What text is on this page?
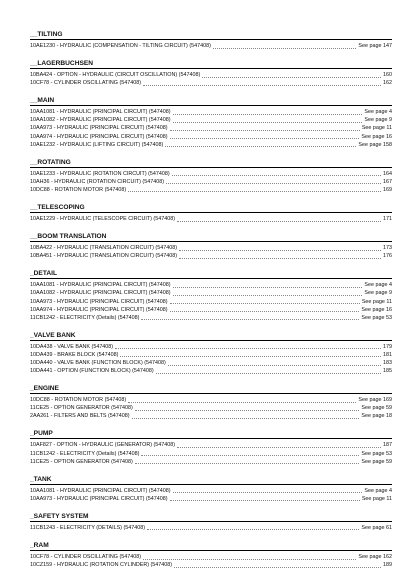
__TILTING
10AE1230 - HYDRAULIC (COMPENSATION - TILTING CIRCUIT) (547408)	See page 147
__LAGERBUCHSEN
10BA424 - OPTION - HYDRAULIC (CIRCUIT OSCILLATION) (547408)	160
10CF78 - CYLINDER OSCILLATING (547408)	162
__MAIN
10AA1081 - HYDRAULIC (PRINCIPAL CIRCUIT) (547408)	See page 4
10AA1082 - HYDRAULIC (PRINCIPAL CIRCUIT) (547408)	See page 9
10AA973 - HYDRAULIC (PRINCIPAL CIRCUIT) (547408)	See page 11
10AA974 - HYDRAULIC (PRINCIPAL CIRCUIT) (547408)	See page 16
10AE1232 - HYDRAULIC (LIFTING CIRCUIT) (547408)	See page 158
__ROTATING
10AE1233 - HYDRAULIC (ROTATION CIRCUIT) (547408)	164
10AH36 - HYDRAULIC (ROTATION CIRCUIT) (547408)	167
10DC88 - ROTATION MOTOR (547408)	169
__TELESCOPING
10AE1229 - HYDRAULIC (TELESCOPE CIRCUIT) (547408)	171
__BOOM TRANSLATION
10BA422 - HYDRAULIC (TRANSLATION CIRCUIT) (547408)	173
10BA451 - HYDRAULIC (TRANSLATION CIRCUIT) (547408)	176
_DETAIL
10AA1081 - HYDRAULIC (PRINCIPAL CIRCUIT) (547408)	See page 4
10AA1082 - HYDRAULIC (PRINCIPAL CIRCUIT) (547408)	See page 9
10AA973 - HYDRAULIC (PRINCIPAL CIRCUIT) (547408)	See page 11
10AA974 - HYDRAULIC (PRINCIPAL CIRCUIT) (547408)	See page 16
11CB1242 - ELECTRICITY (Details) (547408)	See page 53
_VALVE BANK
10DA438 - VALVE BANK (547408)	179
10DA439 - BRAKE BLOCK (547408)	181
10DA440 - VALVE BANK (FUNCTION BLOCK) (547408)	183
10DA441 - OPTION (FUNCTION BLOCK) (547408)	185
_ENGINE
10DC88 - ROTATION MOTOR (547408)	See page 169
11CE25 - OPTION GENERATOR (547408)	See page 59
2AA261 - FILTERS AND BELTS (547408)	See page 18
_PUMP
10AF827 - OPTION - HYDRAULIC (GENERATOR) (547408)	187
11CB1242 - ELECTRICITY (Details) (547408)	See page 53
11CE25 - OPTION GENERATOR (547408)	See page 59
_TANK
10AA1081 - HYDRAULIC (PRINCIPAL CIRCUIT) (547408)	See page 4
10AA973 - HYDRAULIC (PRINCIPAL CIRCUIT) (547408)	See page 11
_SAFETY SYSTEM
11CB1243 - ELECTRICITY (DETAILS) (547408)	See page 61
_RAM
10CF78 - CYLINDER OSCILLATING (547408)	See page 162
10CZ159 - HYDRAULIC (ROTATION CYLINDER) (547408)	189
